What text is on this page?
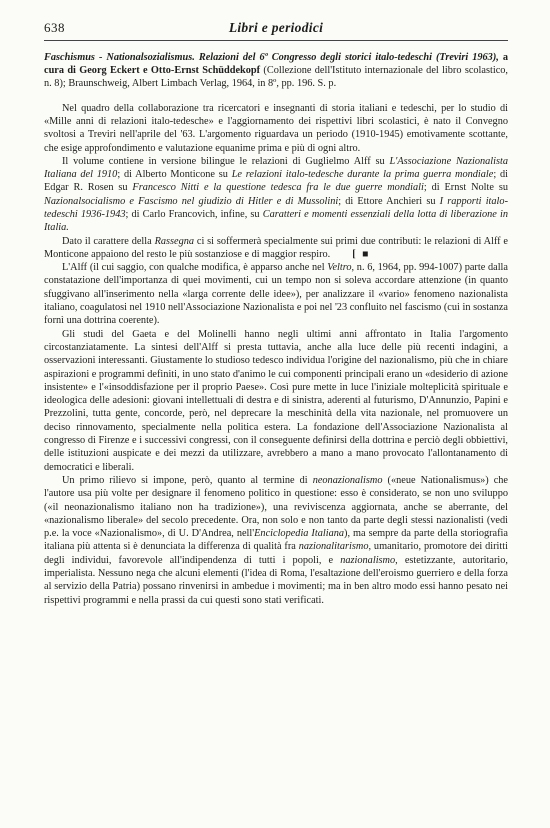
638	Libri e periodici
Faschismus - Nationalsozialismus. Relazioni del 6º Congresso degli storici italo-tedeschi (Treviri 1963), a cura di Georg Eckert e Otto-Ernst Schüddekopf (Collezione dell'Istituto internazionale del libro scolastico, n. 8); Braunschweig, Albert Limbach Verlag, 1964, in 8º, pp. 196. S. p.

Nel quadro della collaborazione tra ricercatori e insegnanti di storia italiani e tedeschi, per lo studio di «Mille anni di relazioni italo-tedesche» e l'aggiornamento dei rispettivi libri scolastici, è nato il Convegno svoltosi a Treviri nell'aprile del '63. L'argomento riguardava un periodo (1910-1945) emotivamente scottante, che esige approfondimento e valutazione equanime prima e più di ogni altro.

Il volume contiene in versione bilingue le relazioni di Guglielmo Alff su L'Associazione Nazionalista Italiana del 1910; di Alberto Monticone su Le relazioni italo-tedesche durante la prima guerra mondiale; di Edgar R. Rosen su Francesco Nitti e la questione tedesca fra le due guerre mondiali; di Ernst Nolte su Nazionalsocialismo e Fascismo nel giudizio di Hitler e di Mussolini; di Ettore Anchieri su I rapporti italo-tedeschi 1936-1943; di Carlo Francovich, infine, su Caratteri e momenti essenziali della lotta di liberazione in Italia.

Dato il carattere della Rassegna ci si soffermerà specialmente sui primi due contributi: le relazioni di Alff e Monticone appaiono del resto le più sostanziose e di maggior respiro. [ ■

L'Alff (il cui saggio, con qualche modifica, è apparso anche nel Veltro, n. 6, 1964, pp. 994-1007) parte dalla constatazione dell'importanza di quei movimenti, cui un tempo non si soleva accordare attenzione (in quanto sfuggivano all'inserimento nella «larga corrente delle idee»), per analizzare il «vario» fenomeno nazionalista italiano, coagulatosi nel 1910 nell'Associazione Nazionalista e poi nel '23 confluito nel fascismo (cui in sostanza fornì una dottrina coerente).

Gli studi del Gaeta e del Molinelli hanno negli ultimi anni affrontato in Italia l'argomento circostanziatamente. La sintesi dell'Alff si presta tuttavia, anche alla luce delle più recenti indagini, a osservazioni interessanti. Giustamente lo studioso tedesco individua l'origine del nazionalismo, più che in chiare aspirazioni e programmi definiti, in uno stato d'animo le cui componenti principali erano un «desiderio di azione insistente» e l'«insoddisfazione per il proprio Paese». Così pure mette in luce l'iniziale molteplicità spirituale e ideologica delle adesioni: giovani intellettuali di destra e di sinistra, aderenti al futurismo, D'Annunzio, Papini e Prezzolini, tutta gente, concorde, però, nel deprecare la meschinità della vita nazionale, nel promuovere un deciso rinnovamento, specialmente nella politica estera. La fondazione dell'Associazione Nazionalista al congresso di Firenze e i successivi congressi, con il conseguente definirsi della dottrina e perciò degli obbiettivi, delle istituzioni auspicate e dei mezzi da utilizzare, avrebbero a mano a mano provocato l'allontanamento di democratici e liberali.

Un primo rilievo si impone, però, quanto al termine di neonazionalismo («neue Nationalismus») che l'autore usa più volte per designare il fenomeno politico in questione: esso è considerato, se non uno sviluppo («il neonazionalismo italiano non ha tradizione»), una reviviscenza aggiornata, anche se aberrante, del «nazionalismo liberale» del secolo precedente. Ora, non solo e non tanto da parte degli stessi nazionalisti (vedi p.e. la voce «Nazionalismo», di U. D'Andrea, nell'Enciclopedia Italiana), ma sempre da parte della storiografia italiana più attenta si è denunciata la differenza di qualità fra nazionalitarismo, umanitario, promotore dei diritti degli individui, favorevole all'indipendenza di tutti i popoli, e nazionalismo, estetizzante, autoritario, imperialista. Nessuno nega che alcuni elementi (l'idea di Roma, l'esaltazione dell'eroismo guerriero e della forza al servizio della Patria) possano rinvenirsi in ambedue i movimenti; ma in ben altro modo essi hanno pesato nei rispettivi programmi e nella prassi da cui questi sono stati verificati.
